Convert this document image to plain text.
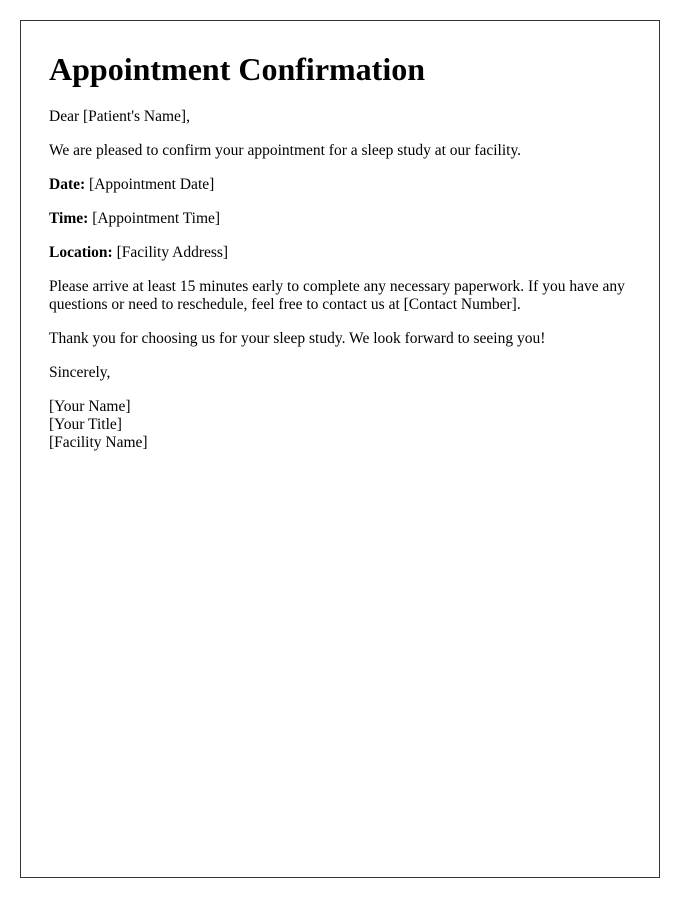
Appointment Confirmation

Dear [Patient's Name],

We are pleased to confirm your appointment for a sleep study at our facility.

Date: [Appointment Date]

Time: [Appointment Time]

Location: [Facility Address]

Please arrive at least 15 minutes early to complete any necessary paperwork. If you have any questions or need to reschedule, feel free to contact us at [Contact Number].

Thank you for choosing us for your sleep study. We look forward to seeing you!

Sincerely,

[Your Name]
[Your Title]
[Facility Name]
